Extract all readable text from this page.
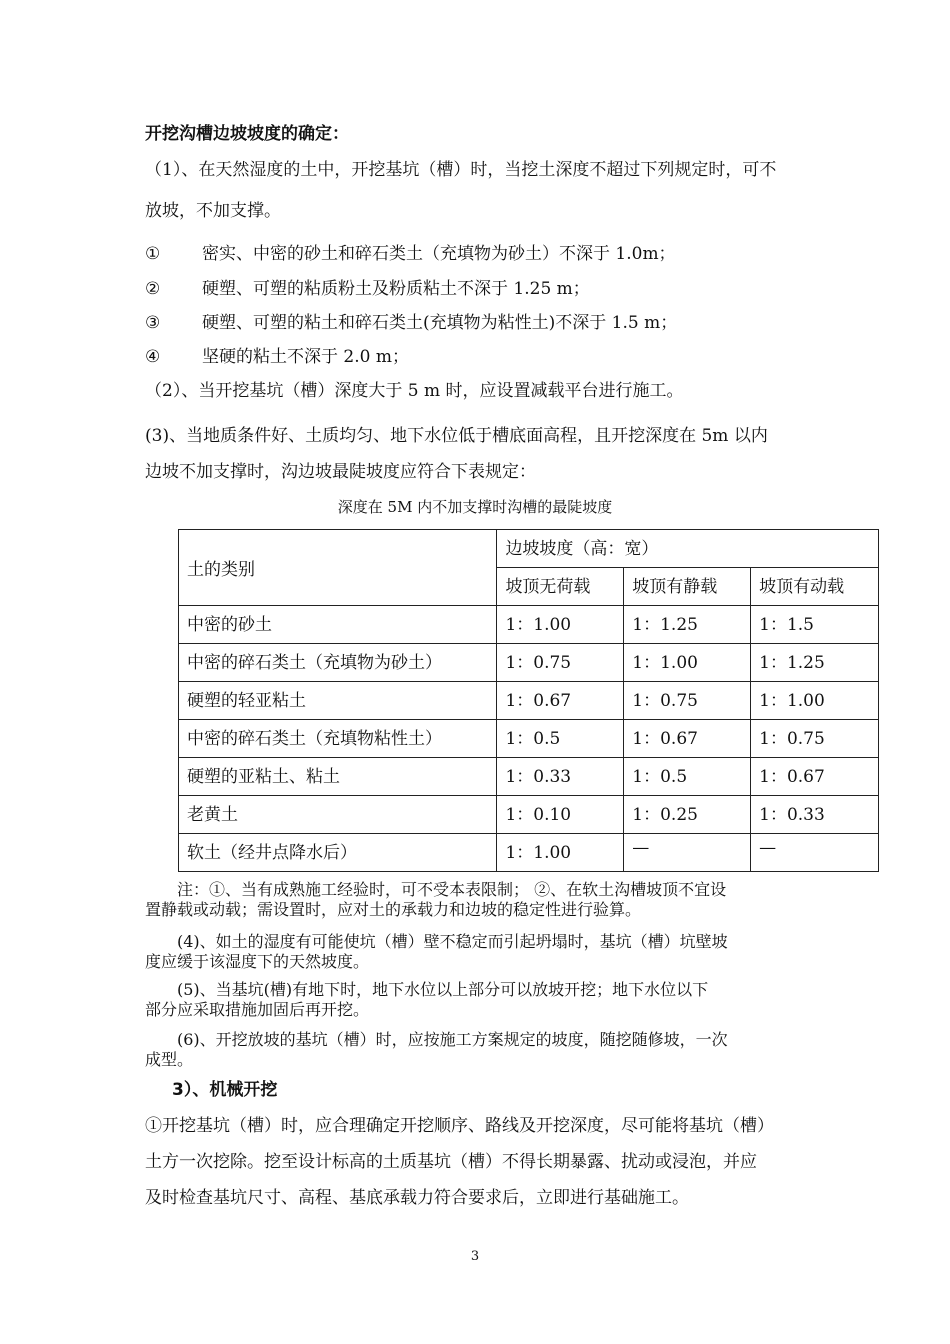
开挖沟槽边坡坡度的确定：
（1）、在天然湿度的土中，开挖基坑（槽）时，当挖土深度不超过下列规定时，可不
放坡，不加支撑。
①	密实、中密的砂土和碎石类土（充填物为砂土）不深于 1.0m；
②	硬塑、可塑的粘质粉土及粉质粘土不深于 1.25 m；
③	硬塑、可塑的粘土和碎石类土(充填物为粘性土)不深于 1.5 m；
④	坚硬的粘土不深于 2.0 m；
（2）、当开挖基坑（槽）深度大于 5 m 时，应设置减载平台进行施工。
(3)、当地质条件好、土质均匀、地下水位低于槽底面高程，且开挖深度在 5m 以内
边坡不加支撑时，沟边坡最陡坡度应符合下表规定：
深度在 5M 内不加支撑时沟槽的最陡坡度
土的类别	边坡坡度（高：宽）		
	坡顶无荷载	坡顶有静载	坡顶有动载
中密的砂土	1：1.00	1：1.25	1：1.5
中密的碎石类土（充填物为砂土）	1：0.75	1：1.00	1：1.25
硬塑的轻亚粘土	1：0.67	1：0.75	1：1.00
中密的碎石类土（充填物粘性土）	1：0.5	1：0.67	1：0.75
硬塑的亚粘土、粘土	1：0.33	1：0.5	1：0.67
老黄土	1：0.10	1：0.25	1：0.33
软土（经井点降水后）	1：1.00	—	—
　　注：①、当有成熟施工经验时，可不受本表限制； ②、在软土沟槽坡顶不宜设
置静载或动载；需设置时，应对土的承载力和边坡的稳定性进行验算。
　　(4)、如土的湿度有可能使坑（槽）壁不稳定而引起坍塌时，基坑（槽）坑壁坡
度应缓于该湿度下的天然坡度。
　　(5)、当基坑(槽)有地下时，地下水位以上部分可以放坡开挖；地下水位以下
部分应采取措施加固后再开挖。
　　(6)、开挖放坡的基坑（槽）时，应按施工方案规定的坡度，随挖随修坡，一次
成型。
3）、机械开挖
①开挖基坑（槽）时，应合理确定开挖顺序、路线及开挖深度，尽可能将基坑（槽）
土方一次挖除。挖至设计标高的土质基坑（槽）不得长期暴露、扰动或浸泡，并应
及时检查基坑尺寸、高程、基底承载力符合要求后，立即进行基础施工。
3
